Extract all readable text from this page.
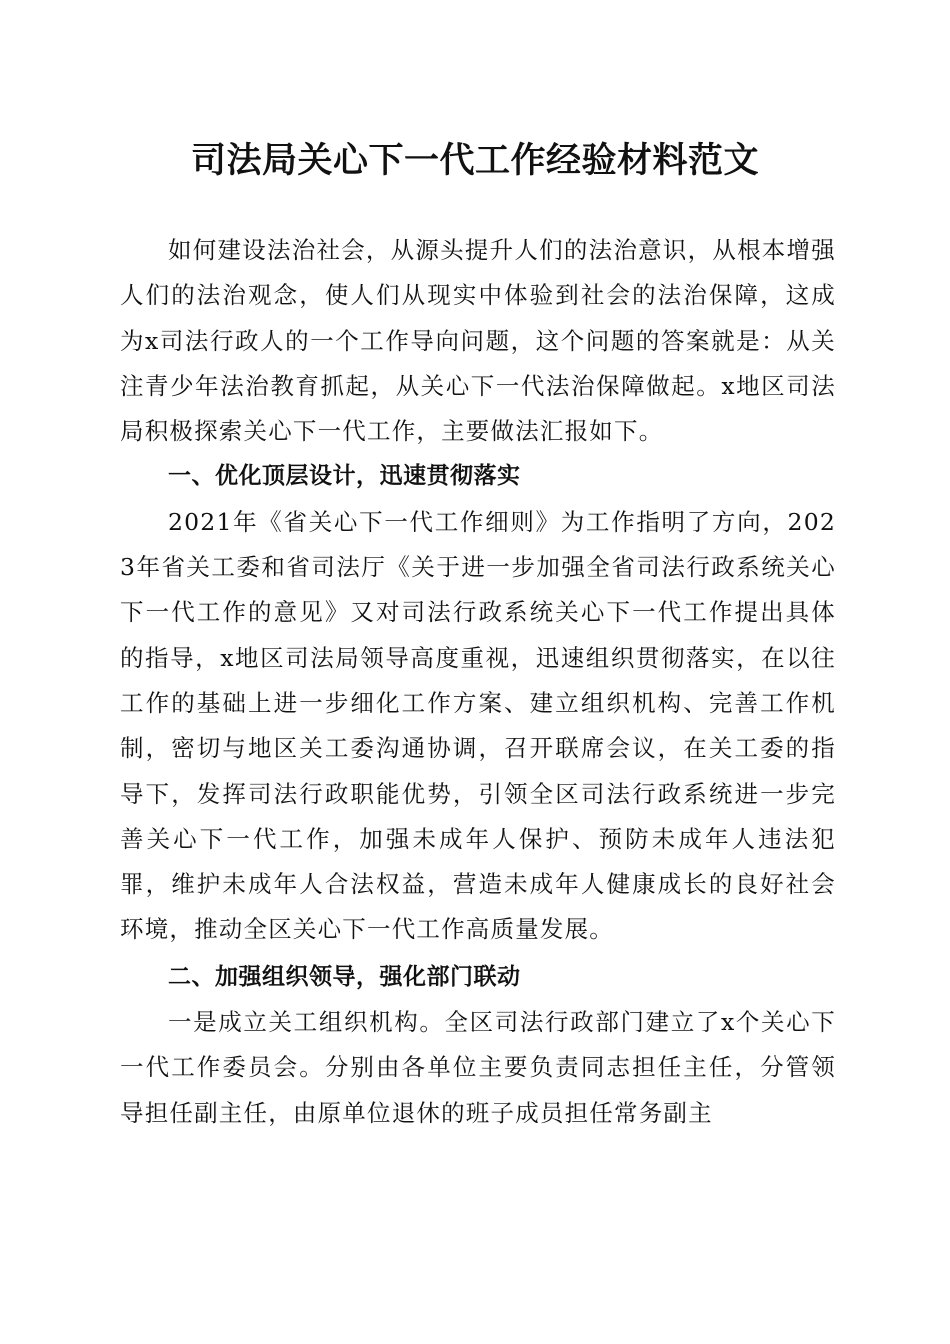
司法局关心下一代工作经验材料范文

如何建设法治社会，从源头提升人们的法治意识，从根本增强人们的法治观念，使人们从现实中体验到社会的法治保障，这成为x司法行政人的一个工作导向问题，这个问题的答案就是：从关注青少年法治教育抓起，从关心下一代法治保障做起。x地区司法局积极探索关心下一代工作，主要做法汇报如下。

一、优化顶层设计，迅速贯彻落实

2021年《省关心下一代工作细则》为工作指明了方向，2023年省关工委和省司法厅《关于进一步加强全省司法行政系统关心下一代工作的意见》又对司法行政系统关心下一代工作提出具体的指导，x地区司法局领导高度重视，迅速组织贯彻落实，在以往工作的基础上进一步细化工作方案、建立组织机构、完善工作机制，密切与地区关工委沟通协调，召开联席会议，在关工委的指导下，发挥司法行政职能优势，引领全区司法行政系统进一步完善关心下一代工作，加强未成年人保护、预防未成年人违法犯罪，维护未成年人合法权益，营造未成年人健康成长的良好社会环境，推动全区关心下一代工作高质量发展。

二、加强组织领导，强化部门联动

一是成立关工组织机构。全区司法行政部门建立了x个关心下一代工作委员会。分别由各单位主要负责同志担任主任，分管领导担任副主任，由原单位退休的班子成员担任常务副主
